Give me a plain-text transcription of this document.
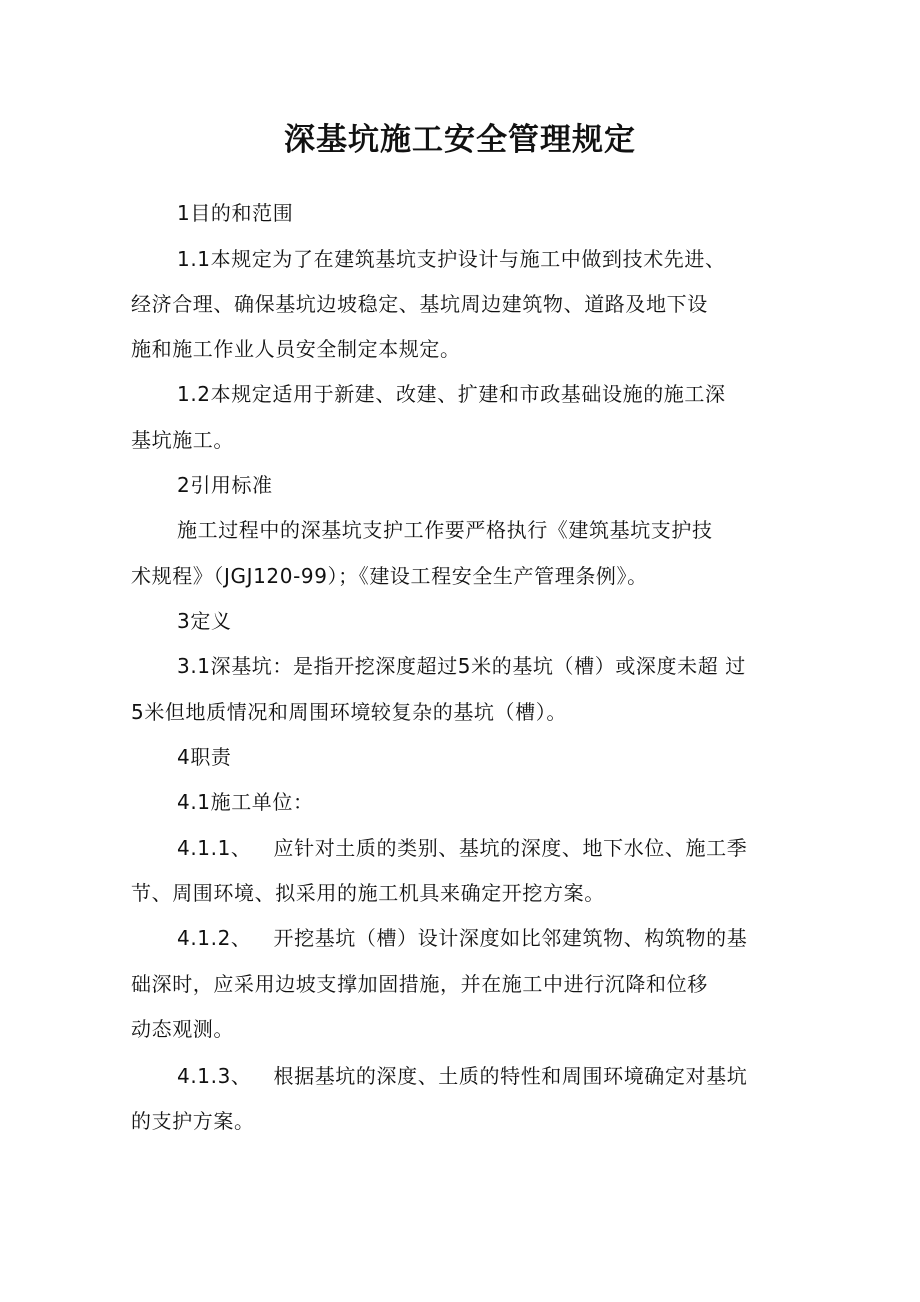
深基坑施工安全管理规定
1目的和范围
1.1本规定为了在建筑基坑支护设计与施工中做到技术先进、
经济合理、确保基坑边坡稳定、基坑周边建筑物、道路及地下设
施和施工作业人员安全制定本规定。
1.2本规定适用于新建、改建、扩建和市政基础设施的施工深
基坑施工。
2引用标准
施工过程中的深基坑支护工作要严格执行《建筑基坑支护技
术规程》（JGJ120-99）；《建设工程安全生产管理条例》。
3定义
3.1深基坑：是指开挖深度超过5米的基坑（槽）或深度未超 过
5米但地质情况和周围环境较复杂的基坑（槽）。
4职责
4.1施工单位：
4.1.1、 应针对土质的类别、基坑的深度、地下水位、施工季
节、周围环境、拟采用的施工机具来确定开挖方案。
4.1.2、 开挖基坑（槽）设计深度如比邻建筑物、构筑物的基
础深时，应采用边坡支撑加固措施，并在施工中进行沉降和位移
动态观测。
4.1.3、 根据基坑的深度、土质的特性和周围环境确定对基坑
的支护方案。
